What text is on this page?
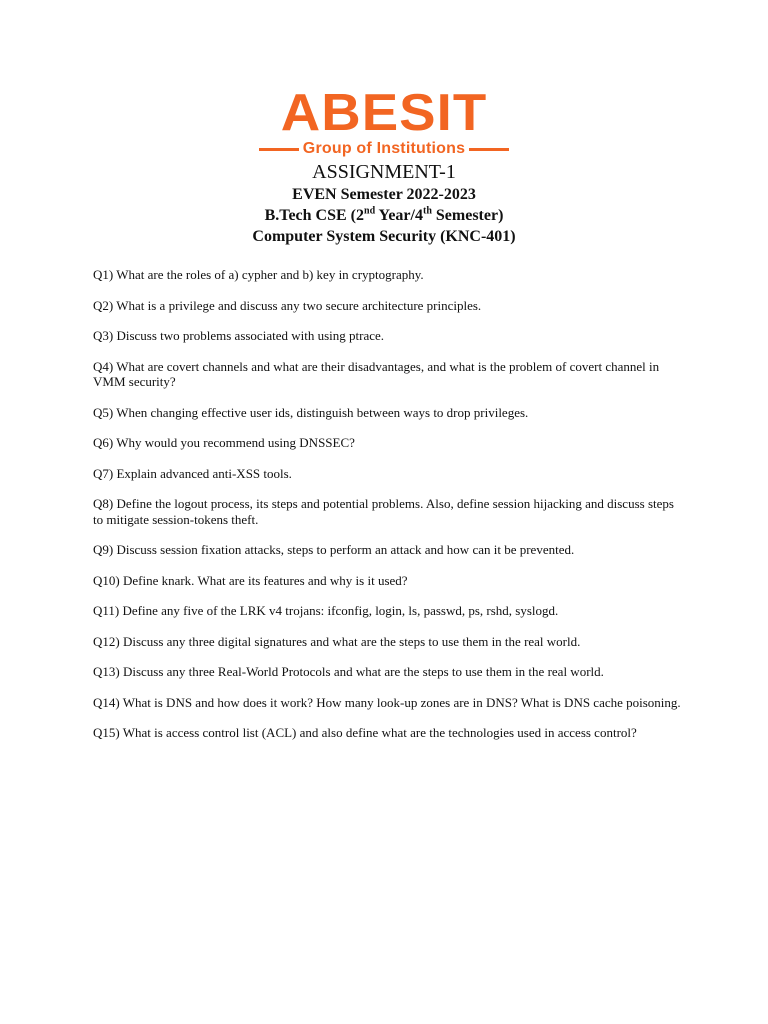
ABESIT
Group of Institutions
ASSIGNMENT-1
EVEN Semester 2022-2023
B.Tech CSE (2nd Year/4th Semester)
Computer System Security (KNC-401)

Q1) What are the roles of a) cypher and b) key in cryptography.

Q2) What is a privilege and discuss any two secure architecture principles.

Q3) Discuss two problems associated with using ptrace.

Q4) What are covert channels and what are their disadvantages, and what is the problem of covert channel in VMM security?

Q5) When changing effective user ids, distinguish between ways to drop privileges.

Q6) Why would you recommend using DNSSEC?

Q7) Explain advanced anti-XSS tools.

Q8) Define the logout process, its steps and potential problems. Also, define session hijacking and discuss steps to mitigate session-tokens theft.

Q9) Discuss session fixation attacks, steps to perform an attack and how can it be prevented.

Q10) Define knark. What are its features and why is it used?

Q11) Define any five of the LRK v4 trojans: ifconfig, login, ls, passwd, ps, rshd, syslogd.

Q12) Discuss any three digital signatures and what are the steps to use them in the real world.

Q13) Discuss any three Real-World Protocols and what are the steps to use them in the real world.

Q14) What is DNS and how does it work? How many look-up zones are in DNS? What is DNS cache poisoning.

Q15) What is access control list (ACL) and also define what are the technologies used in access control?
